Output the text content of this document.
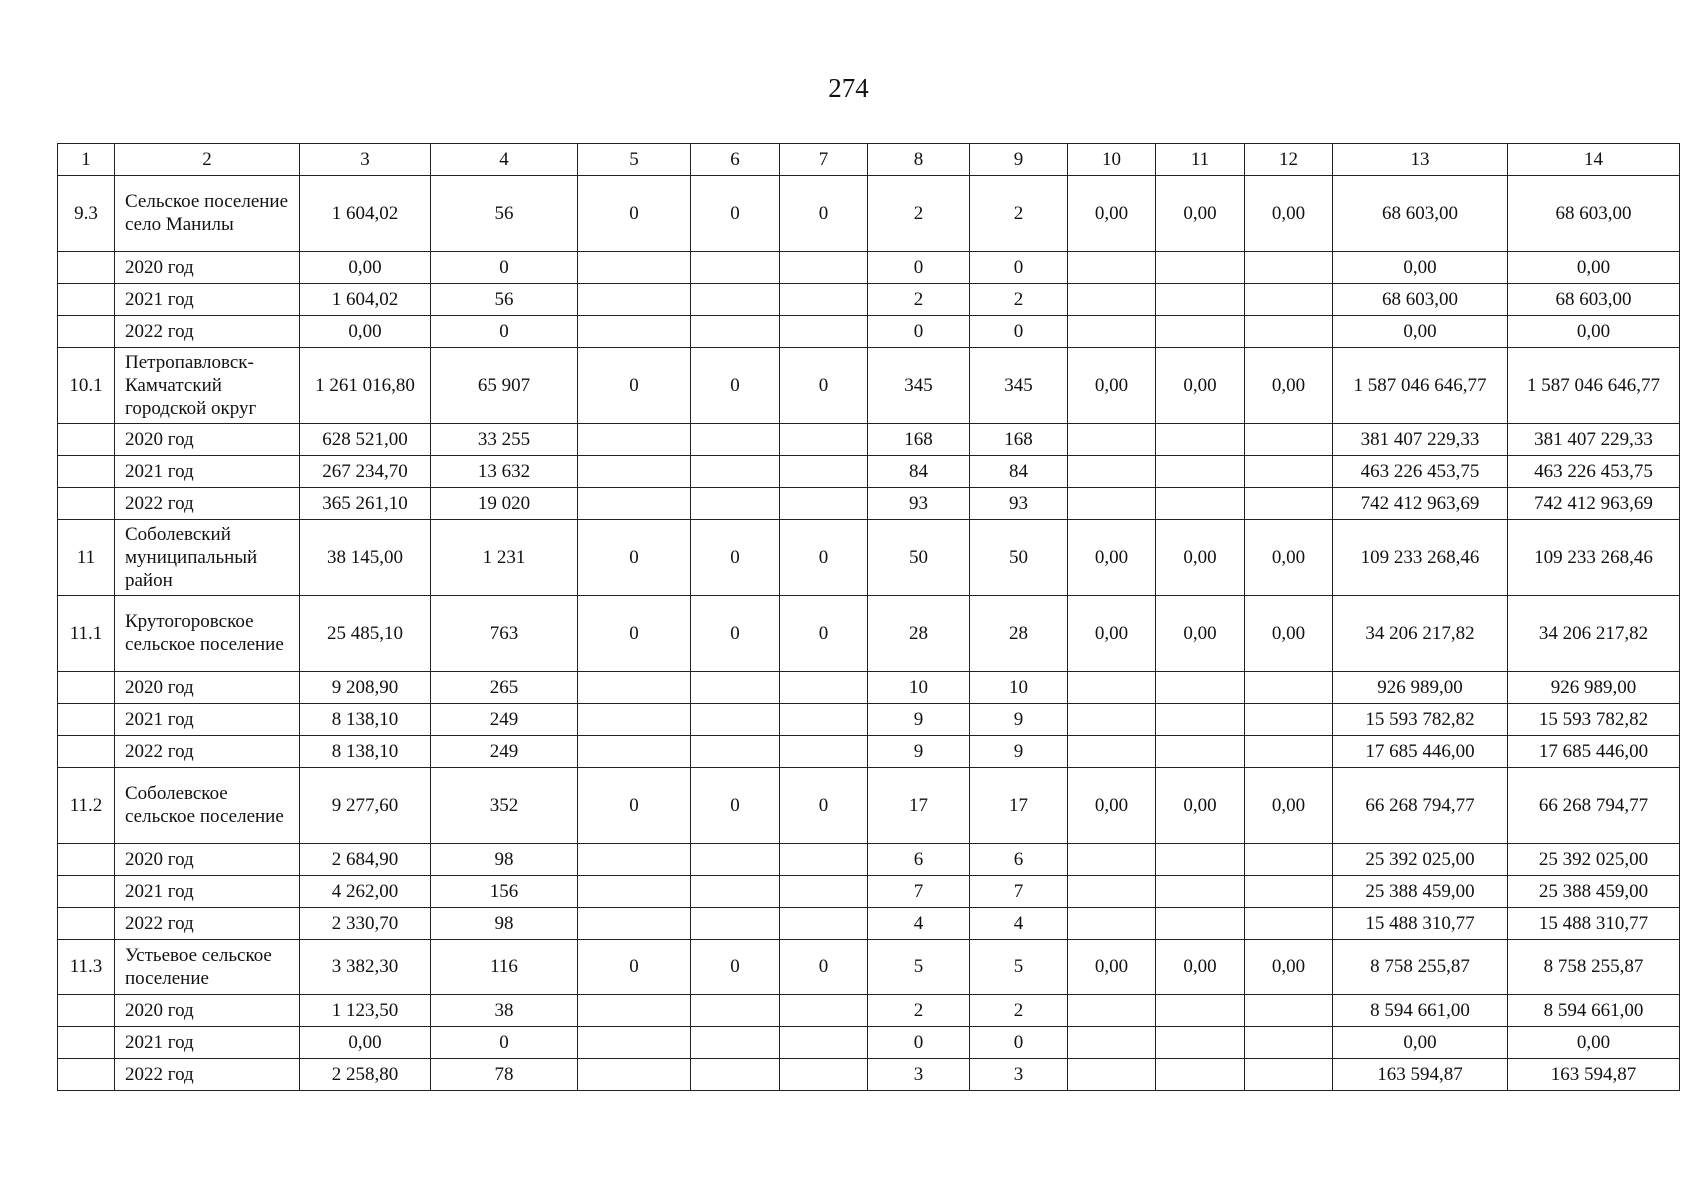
274
1	2	3	4	5	6	7	8	9	10	11	12	13	14
9.3	Сельское поселение село Манилы	1 604,02	56	0	0	0	2	2	0,00	0,00	0,00	68 603,00	68 603,00
	2020 год	0,00	0				0	0				0,00	0,00
	2021 год	1 604,02	56				2	2				68 603,00	68 603,00
	2022 год	0,00	0				0	0				0,00	0,00
10.1	Петропавловск-Камчатский городской округ	1 261 016,80	65 907	0	0	0	345	345	0,00	0,00	0,00	1 587 046 646,77	1 587 046 646,77
	2020 год	628 521,00	33 255				168	168				381 407 229,33	381 407 229,33
	2021 год	267 234,70	13 632				84	84				463 226 453,75	463 226 453,75
	2022 год	365 261,10	19 020				93	93				742 412 963,69	742 412 963,69
11	Соболевский муниципальный район	38 145,00	1 231	0	0	0	50	50	0,00	0,00	0,00	109 233 268,46	109 233 268,46
11.1	Крутогоровское сельское поселение	25 485,10	763	0	0	0	28	28	0,00	0,00	0,00	34 206 217,82	34 206 217,82
	2020 год	9 208,90	265				10	10				926 989,00	926 989,00
	2021 год	8 138,10	249				9	9				15 593 782,82	15 593 782,82
	2022 год	8 138,10	249				9	9				17 685 446,00	17 685 446,00
11.2	Соболевское сельское поселение	9 277,60	352	0	0	0	17	17	0,00	0,00	0,00	66 268 794,77	66 268 794,77
	2020 год	2 684,90	98				6	6				25 392 025,00	25 392 025,00
	2021 год	4 262,00	156				7	7				25 388 459,00	25 388 459,00
	2022 год	2 330,70	98				4	4				15 488 310,77	15 488 310,77
11.3	Устьевое сельское поселение	3 382,30	116	0	0	0	5	5	0,00	0,00	0,00	8 758 255,87	8 758 255,87
	2020 год	1 123,50	38				2	2				8 594 661,00	8 594 661,00
	2021 год	0,00	0				0	0				0,00	0,00
	2022 год	2 258,80	78				3	3				163 594,87	163 594,87
